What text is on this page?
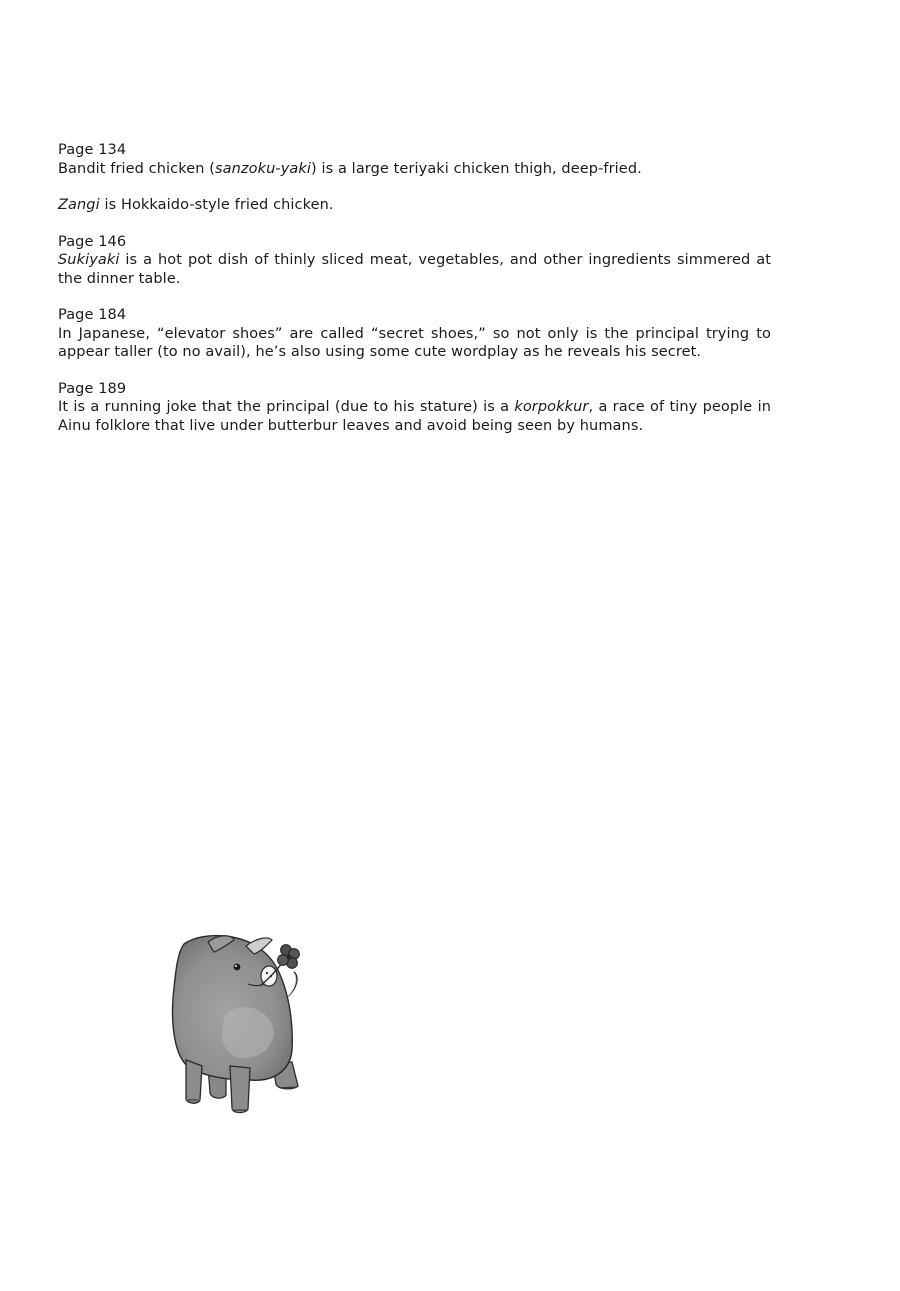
Page 134

Bandit fried chicken (sanzoku-yaki) is a large teriyaki chicken thigh, deep-fried.

Zangi is Hokkaido-style fried chicken.

Page 146

Sukiyaki is a hot pot dish of thinly sliced meat, vegetables, and other ingredients simmered at the dinner table.

Page 184

In Japanese, “elevator shoes” are called “secret shoes,” so not only is the principal trying to appear taller (to no avail), he’s also using some cute wordplay as he reveals his secret.

Page 189

It is a running joke that the principal (due to his stature) is a korpokkur, a race of tiny people in Ainu folklore that live under butterbur leaves and avoid being seen by humans.
